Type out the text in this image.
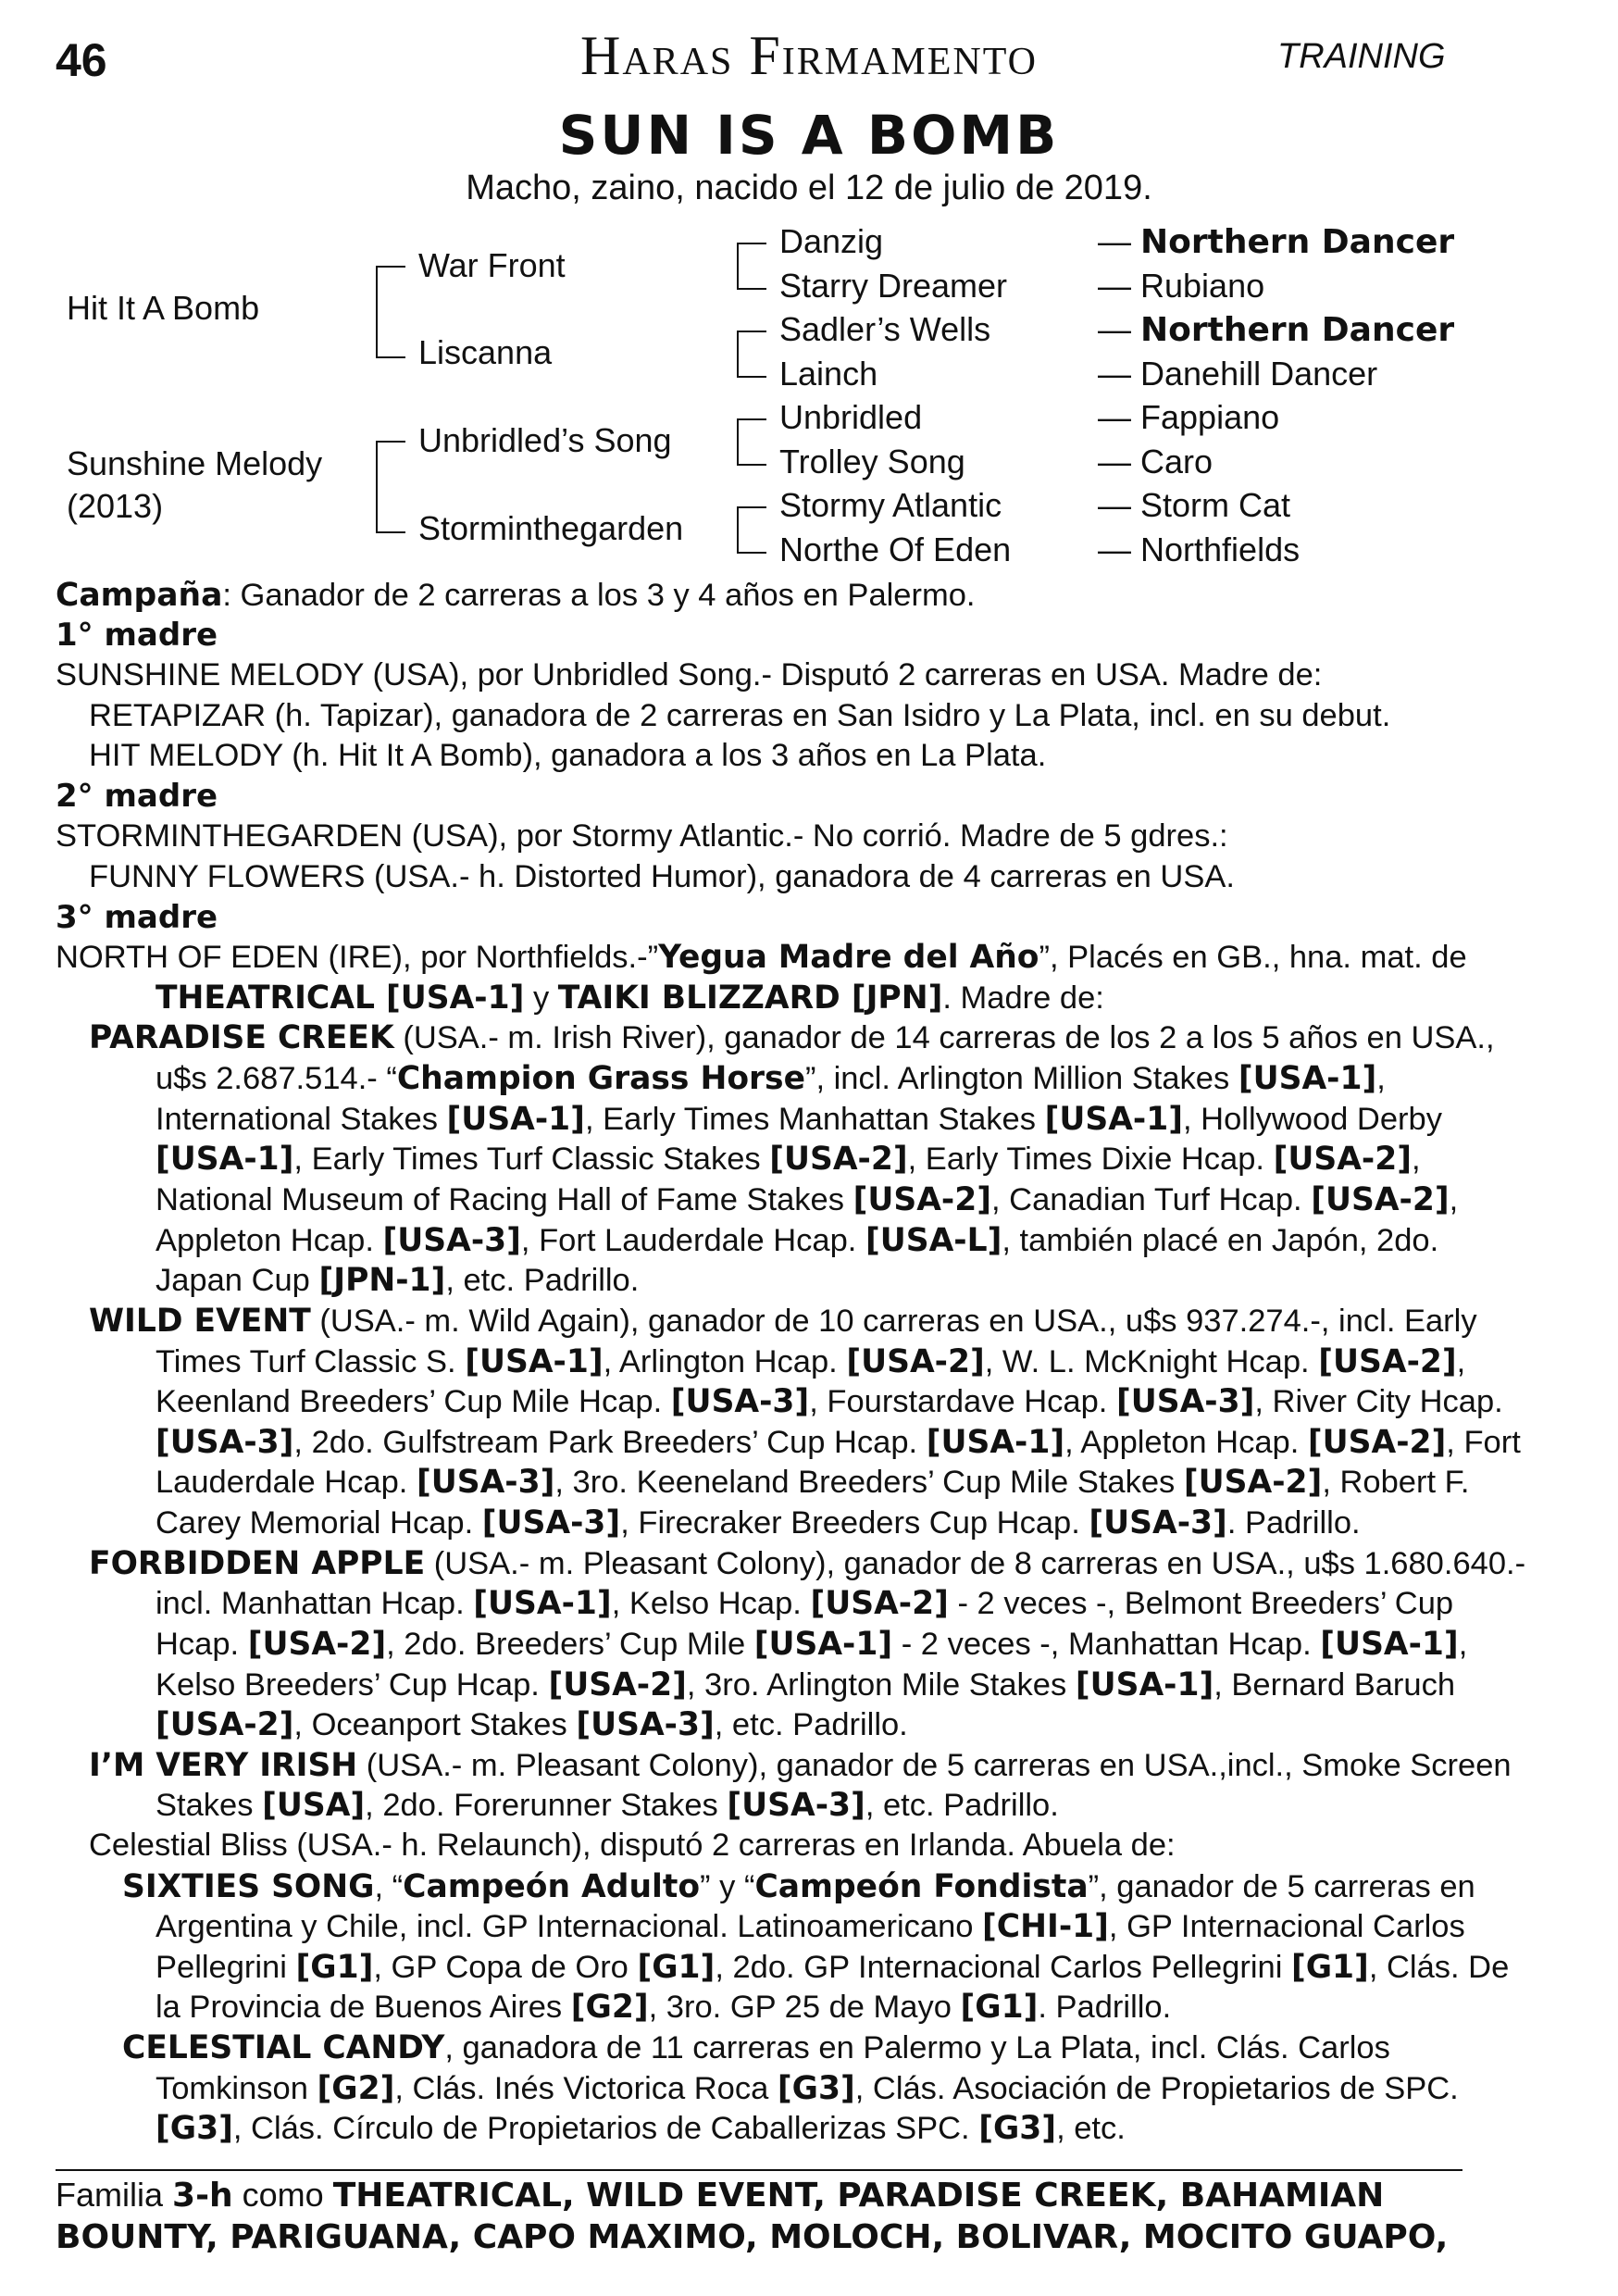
46	Haras Firmamento	TRAINING
SUN IS A BOMB
Macho, zaino, nacido el 12 de julio de 2019.
Hit It A Bomb
Sunshine Melody
(2013)
War Front
Liscanna
Unbridled’s Song
Storminthegarden
Danzig
Starry Dreamer
Sadler’s Wells
Lainch
Unbridled
Trolley Song
Stormy Atlantic
Northe Of Eden
— Northern Dancer
— Rubiano
— Northern Dancer
— Danehill Dancer
— Fappiano
— Caro
— Storm Cat
— Northfields
Campaña: Ganador de 2 carreras a los 3 y 4 años en Palermo.
1° madre
SUNSHINE MELODY (USA), por Unbridled Song.- Disputó 2 carreras en USA. Madre de:
RETAPIZAR (h. Tapizar), ganadora de 2 carreras en San Isidro y La Plata, incl. en su debut.
HIT MELODY (h. Hit It A Bomb), ganadora a los 3 años en La Plata.
2° madre
STORMINTHEGARDEN (USA), por Stormy Atlantic.- No corrió. Madre de 5 gdres.:
FUNNY FLOWERS (USA.- h. Distorted Humor), ganadora de 4 carreras en USA.
3° madre
NORTH OF EDEN (IRE), por Northfields.-”Yegua Madre del Año”, Placés en GB., hna. mat. de
THEATRICAL [USA-1] y TAIKI BLIZZARD [JPN]. Madre de:
PARADISE CREEK (USA.- m. Irish River), ganador de 14 carreras de los 2 a los 5 años en USA.,
u$s 2.687.514.- “Champion Grass Horse”, incl. Arlington Million Stakes [USA-1],
International Stakes [USA-1], Early Times Manhattan Stakes [USA-1], Hollywood Derby
[USA-1], Early Times Turf Classic Stakes [USA-2], Early Times Dixie Hcap. [USA-2],
National Museum of Racing Hall of Fame Stakes [USA-2], Canadian Turf Hcap. [USA-2],
Appleton Hcap. [USA-3], Fort Lauderdale Hcap. [USA-L], también placé en Japón, 2do.
Japan Cup [JPN-1], etc. Padrillo.
WILD EVENT (USA.- m. Wild Again), ganador de 10 carreras en USA., u$s 937.274.-, incl. Early
Times Turf Classic S. [USA-1], Arlington Hcap. [USA-2], W. L. McKnight Hcap. [USA-2],
Keenland Breeders’ Cup Mile Hcap. [USA-3], Fourstardave Hcap. [USA-3], River City Hcap.
[USA-3], 2do. Gulfstream Park Breeders’ Cup Hcap. [USA-1], Appleton Hcap. [USA-2], Fort
Lauderdale Hcap. [USA-3], 3ro. Keeneland Breeders’ Cup Mile Stakes [USA-2], Robert F.
Carey Memorial Hcap. [USA-3], Firecraker Breeders Cup Hcap. [USA-3]. Padrillo.
FORBIDDEN APPLE (USA.- m. Pleasant Colony), ganador de 8 carreras en USA., u$s 1.680.640.-
incl. Manhattan Hcap. [USA-1], Kelso Hcap. [USA-2] - 2 veces -, Belmont Breeders’ Cup
Hcap. [USA-2], 2do. Breeders’ Cup Mile [USA-1] - 2 veces -, Manhattan Hcap. [USA-1],
Kelso Breeders’ Cup Hcap. [USA-2], 3ro. Arlington Mile Stakes [USA-1], Bernard Baruch
[USA-2], Oceanport Stakes [USA-3], etc. Padrillo.
I’M VERY IRISH (USA.- m. Pleasant Colony), ganador de 5 carreras en USA.,incl., Smoke Screen
Stakes [USA], 2do. Forerunner Stakes [USA-3], etc. Padrillo.
Celestial Bliss (USA.- h. Relaunch), disputó 2 carreras en Irlanda. Abuela de:
SIXTIES SONG, “Campeón Adulto” y “Campeón Fondista”, ganador de 5 carreras en
Argentina y Chile, incl. GP Internacional. Latinoamericano [CHI-1], GP Internacional Carlos
Pellegrini [G1], GP Copa de Oro [G1], 2do. GP Internacional Carlos Pellegrini [G1], Clás. De
la Provincia de Buenos Aires [G2], 3ro. GP 25 de Mayo [G1]. Padrillo.
CELESTIAL CANDY, ganadora de 11 carreras en Palermo y La Plata, incl. Clás. Carlos
Tomkinson [G2], Clás. Inés Victorica Roca [G3], Clás. Asociación de Propietarios de SPC.
[G3], Clás. Círculo de Propietarios de Caballerizas SPC. [G3], etc.
Familia 3-h como THEATRICAL, WILD EVENT, PARADISE CREEK, BAHAMIAN
BOUNTY, PARIGUANA, CAPO MAXIMO, MOLOCH, BOLIVAR, MOCITO GUAPO,
